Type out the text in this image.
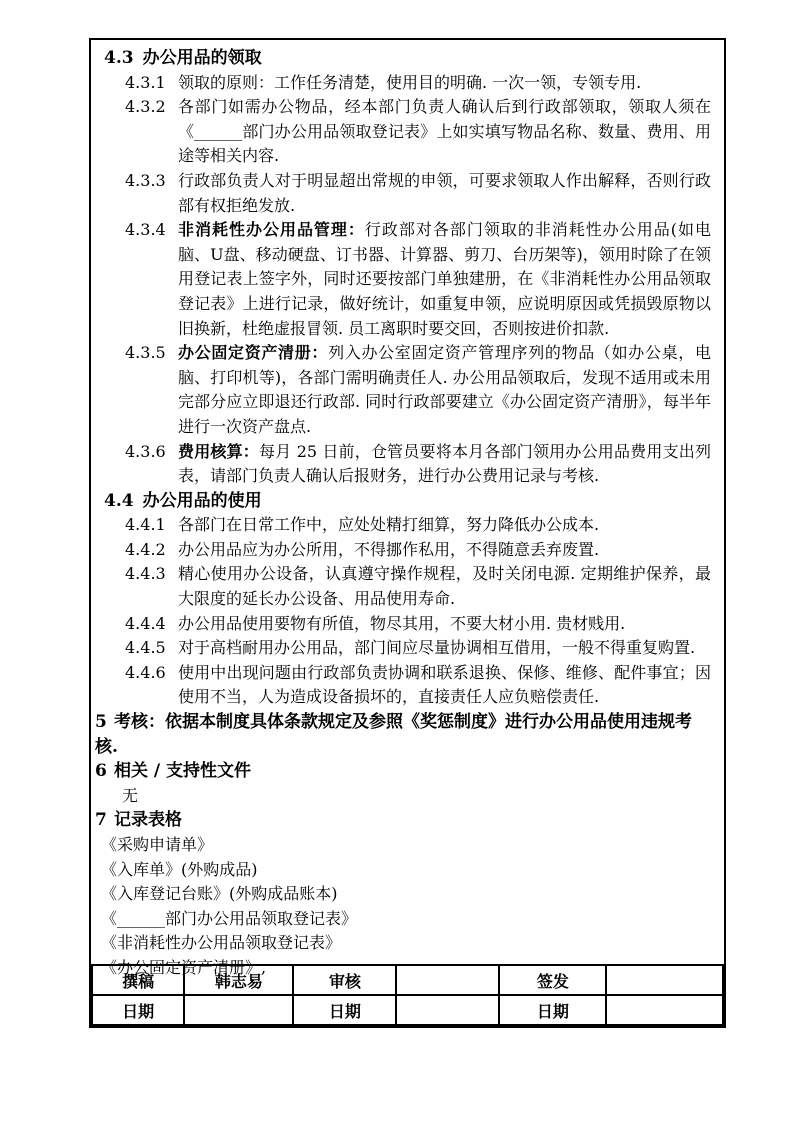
4.3 办公用品的领取
4.3.1 领取的原则：工作任务清楚，使用目的明确. 一次一领，专领专用.
4.3.2 各部门如需办公物品，经本部门负责人确认后到行政部领取，领取人须在《______部门办公用品领取登记表》上如实填写物品名称、数量、费用、用途等相关内容.
4.3.3 行政部负责人对于明显超出常规的申领，可要求领取人作出解释，否则行政部有权拒绝发放.
4.3.4 非消耗性办公用品管理：行政部对各部门领取的非消耗性办公用品(如电脑、U盘、移动硬盘、订书器、计算器、剪刀、台历架等)，领用时除了在领用登记表上签字外，同时还要按部门单独建册，在《非消耗性办公用品领取登记表》上进行记录，做好统计，如重复申领，应说明原因或凭损毁原物以旧换新，杜绝虚报冒领. 员工离职时要交回，否则按进价扣款.
4.3.5 办公固定资产清册：列入办公室固定资产管理序列的物品（如办公桌，电脑、打印机等)，各部门需明确责任人. 办公用品领取后，发现不适用或未用完部分应立即退还行政部. 同时行政部要建立《办公固定资产清册》，每半年进行一次资产盘点.
4.3.6 费用核算：每月 25 日前，仓管员要将本月各部门领用办公用品费用支出列表，请部门负责人确认后报财务，进行办公费用记录与考核.
4.4 办公用品的使用
4.4.1 各部门在日常工作中，应处处精打细算，努力降低办公成本.
4.4.2 办公用品应为办公所用，不得挪作私用，不得随意丢弃废置.
4.4.3 精心使用办公设备，认真遵守操作规程，及时关闭电源. 定期维护保养，最大限度的延长办公设备、用品使用寿命.
4.4.4 办公用品使用要物有所值，物尽其用，不要大材小用. 贵材贱用.
4.4.5 对于高档耐用办公用品，部门间应尽量协调相互借用，一般不得重复购置.
4.4.6 使用中出现问题由行政部负责协调和联系退换、保修、维修、配件事宜；因使用不当，人为造成设备损坏的，直接责任人应负赔偿责任.
5 考核：依据本制度具体条款规定及参照《奖惩制度》进行办公用品使用违规考核.
6 相关 / 支持性文件
无
7 记录表格
《采购申请单》
《入库单》(外购成品)
《入库登记台账》(外购成品账本)
《______部门办公用品领取登记表》
《非消耗性办公用品领取登记表》
《办公固定资产清册》,
撰稿	韩志易	审核		签发	
日期		日期		日期	
